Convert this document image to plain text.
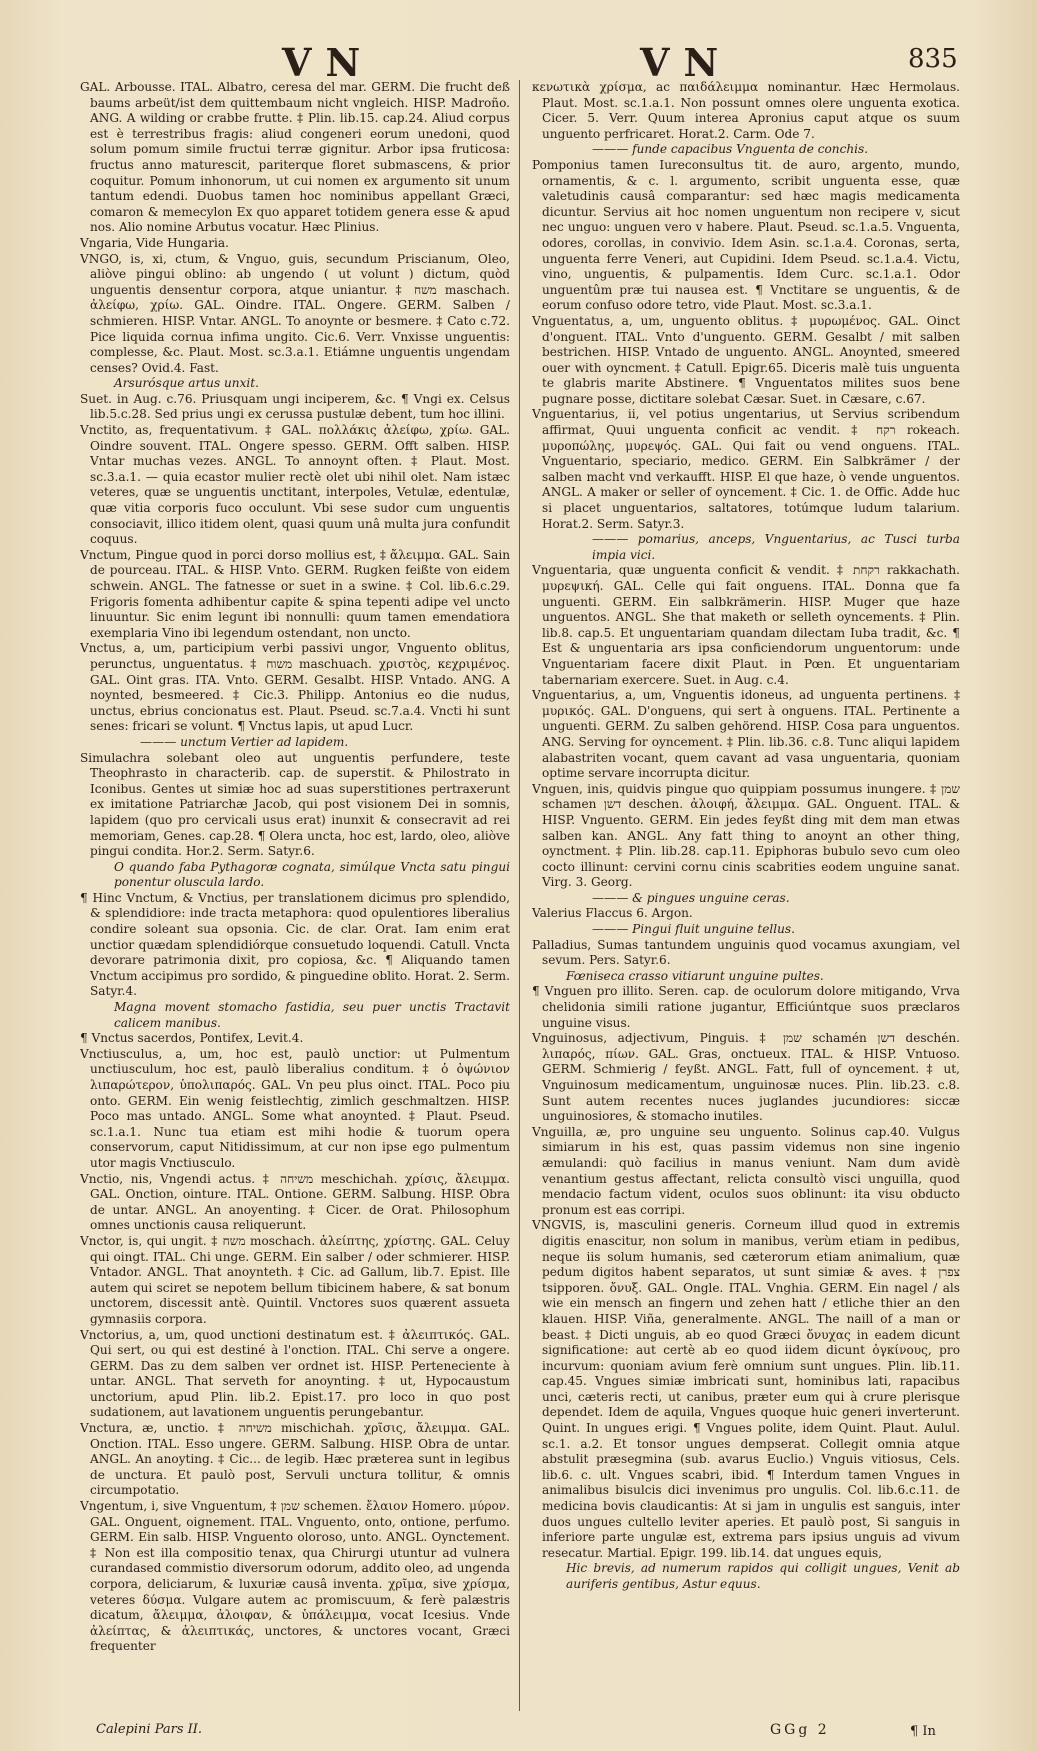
VN	VN	835

GAL. Arbousse. ITAL. Albatro, ceresa del mar. GERM. Die frucht deß baums arbeüt/ist dem quittembaum nicht vngleich. HISP. Madroño. ANG. A wilding or crabbe frutte. ‡ Plin. lib.15. cap.24. Aliud corpus est è terrestribus fragis: aliud congeneri eorum unedoni, quod solum pomum simile fructui terræ gignitur. Arbor ipsa fruticosa: fructus anno maturescit, pariterque floret submascens, & prior coquitur. Pomum inhonorum, ut cui nomen ex argumento sit unum tantum edendi. Duobus tamen hoc nominibus appellant Græci, comaron & memecylon Ex quo apparet totidem genera esse & apud nos. Alio nomine Arbutus vocatur. Hæc Plinius.

Vngaria, Vide Hungaria.

VNGO, is, xi, ctum, & Vnguo, guis, secundum Priscianum, Oleo, aliòve pingui oblino: ab ungendo ( ut volunt ) dictum, quòd unguentis densentur corpora, atque uniantur. ‡ משח maschach. ἀλείφω, χρίω. GAL. Oindre. ITAL. Ongere. GERM. Salben / schmieren. HISP. Vntar. ANGL. To anoynte or besmere. ‡ Cato c.72. Pice liquida cornua infima ungito. Cic.6. Verr. Vnxisse unguentis: complesse, &c. Plaut. Most. sc.3.a.1. Etiámne unguentis ungendam censes? Ovid.4. Fast.

Arsurósque artus unxit.

Suet. in Aug. c.76. Priusquam ungi inciperem, &c. ¶ Vngi ex. Celsus lib.5.c.28. Sed prius ungi ex cerussa pustulæ debent, tum hoc illini.

Vnctito, as, frequentativum. ‡ GAL. πολλάκις ἀλείφω, χρίω. GAL. Oindre souvent. ITAL. Ongere spesso. GERM. Offt salben. HISP. Vntar muchas vezes. ANGL. To annoynt often. ‡ Plaut. Most. sc.3.a.1. — quia ecastor mulier rectè olet ubi nihil olet. Nam istæc veteres, quæ se unguentis unctitant, interpoles, Vetulæ, edentulæ, quæ vitia corporis fuco occulunt. Vbi sese sudor cum unguentis consociavit, illico itidem olent, quasi quum unâ multa jura confundit coquus.

Vnctum, Pingue quod in porci dorso mollius est, ‡ ἄλειμμα. GAL. Sain de pourceau. ITAL. & HISP. Vnto. GERM. Rugken feißte von eidem schwein. ANGL. The fatnesse or suet in a swine. ‡ Col. lib.6.c.29. Frigoris fomenta adhibentur capite & spina tepenti adipe vel uncto linuuntur. Sic enim legunt ibi nonnulli: quum tamen emendatiora exemplaria Vino ibi legendum ostendant, non uncto.

Vnctus, a, um, participium verbi passivi ungor, Vnguento oblitus, perunctus, unguentatus. ‡ משוח maschuach. χριστὸς, κεχριμένος. GAL. Oint gras. ITA. Vnto. GERM. Gesalbt. HISP. Vntado. ANG. A noynted, besmeered. ‡ Cic.3. Philipp. Antonius eo die nudus, unctus, ebrius concionatus est. Plaut. Pseud. sc.7.a.4. Vncti hi sunt senes: fricari se volunt. ¶ Vnctus lapis, ut apud Lucr.

——— unctum Vertier ad lapidem.

Simulachra solebant oleo aut unguentis perfundere, teste Theophrasto in characterib. cap. de superstit. & Philostrato in Iconibus. Gentes ut simiæ hoc ad suas superstitiones pertraxerunt ex imitatione Patriarchæ Jacob, qui post visionem Dei in somnis, lapidem (quo pro cervicali usus erat) inunxit & consecravit ad rei memoriam, Genes. cap.28. ¶ Olera uncta, hoc est, lardo, oleo, aliòve pingui condita. Hor.2. Serm. Satyr.6.

O quando faba Pythagoræ cognata, simúlque Vncta satu pingui ponentur oluscula lardo.

¶ Hinc Vnctum, & Vnctius, per translationem dicimus pro splendido, & splendidiore: inde tracta metaphora: quod opulentiores liberalius condire soleant sua opsonia. Cic. de clar. Orat. Iam enim erat unctior quædam splendidiórque consuetudo loquendi. Catull. Vncta devorare patrimonia dixit, pro copiosa, &c. ¶ Aliquando tamen Vnctum accipimus pro sordido, & pinguedine oblito. Horat. 2. Serm. Satyr.4.

Magna movent stomacho fastidia, seu puer unctis Tractavit calicem manibus.

¶ Vnctus sacerdos, Pontifex, Levit.4.

Vnctiusculus, a, um, hoc est, paulò unctior: ut Pulmentum unctiusculum, hoc est, paulò liberalius conditum. ‡ ὁ ὀψώνιον λιπαρώτερον, ὑπολιπαρός. GAL. Vn peu plus oinct. ITAL. Poco piu onto. GERM. Ein wenig feistlechtig, zimlich geschmaltzen. HISP. Poco mas untado. ANGL. Some what anoynted. ‡ Plaut. Pseud. sc.1.a.1. Nunc tua etiam est mihi hodie & tuorum opera conservorum, caput Nitidissimum, at cur non ipse ego pulmentum utor magis Vnctiusculo.

Vnctio, nis, Vngendi actus. ‡ משיחה meschichah. χρίσις, ἄλειμμα. GAL. Onction, ointure. ITAL. Ontione. GERM. Salbung. HISP. Obra de untar. ANGL. An anoyenting. ‡ Cicer. de Orat. Philosophum omnes unctionis causa reliquerunt.

Vnctor, is, qui ungit. ‡ משח moschach. ἀλείπτης, χρίστης. GAL. Celuy qui oingt. ITAL. Chi unge. GERM. Ein salber / oder schmierer. HISP. Vntador. ANGL. That anoynteth. ‡ Cic. ad Gallum, lib.7. Epist. Ille autem qui sciret se nepotem bellum tibicinem habere, & sat bonum unctorem, discessit antè. Quintil. Vnctores suos quærent assueta gymnasiis corpora.

Vnctorius, a, um, quod unctioni destinatum est. ‡ ἀλειπτικός. GAL. Qui sert, ou qui est destiné à l'onction. ITAL. Chi serve a ongere. GERM. Das zu dem salben ver ordnet ist. HISP. Perteneciente à untar. ANGL. That serveth for anoynting. ‡ ut, Hypocaustum unctorium, apud Plin. lib.2. Epist.17. pro loco in quo post sudationem, aut lavationem unguentis perungebantur.

Vnctura, æ, unctio. ‡ משיחה mischichah. χρῖσις, ἄλειμμα. GAL. Onction. ITAL. Esso ungere. GERM. Salbung. HISP. Obra de untar. ANGL. An anoyting. ‡ Cic... de legib. Hæc præterea sunt in legibus de unctura. Et paulò post, Servuli unctura tollitur, & omnis circumpotatio.

Vngentum, i, sive Vnguentum, ‡ שמן schemen. ἔλαιον Homero. μύρον. GAL. Onguent, oignement. ITAL. Vnguento, onto, ontione, perfumo. GERM. Ein salb. HISP. Vnguento oloroso, unto. ANGL. Oynctement. ‡ Non est illa compositio tenax, qua Chirurgi utuntur ad vulnera curandased commistio diversorum odorum, addito oleo, ad ungenda corpora, deliciarum, & luxuriæ causâ inventa. χρῖμα, sive χρίσμα, veteres δύσμα. Vulgare autem ac promiscuum, & ferè palæstris dicatum, ἄλειμμα, ἀλοιφαν, & ὑπάλειμμα, vocat Icesius. Vnde ἀλείπτας, & ἀλειπτικάς, unctores, & unctores vocant, Græci frequenter

κενωτικὰ χρίσμα, ac παιδάλειμμα nominantur. Hæc Hermolaus. Plaut. Most. sc.1.a.1. Non possunt omnes olere unguenta exotica. Cicer. 5. Verr. Quum interea Apronius caput atque os suum unguento perfricaret. Horat.2. Carm. Ode 7.

——— funde capacibus Vnguenta de conchis.

Pomponius tamen Iureconsultus tit. de auro, argento, mundo, ornamentis, & c. l. argumento, scribit unguenta esse, quæ valetudinis causâ comparantur: sed hæc magis medicamenta dicuntur. Servius ait hoc nomen unguentum non recipere v, sicut nec unguo: unguen vero v habere. Plaut. Pseud. sc.1.a.5. Vnguenta, odores, corollas, in convivio. Idem Asin. sc.1.a.4. Coronas, serta, unguenta ferre Veneri, aut Cupidini. Idem Pseud. sc.1.a.4. Victu, vino, unguentis, & pulpamentis. Idem Curc. sc.1.a.1. Odor unguentûm præ tui nausea est. ¶ Vnctitare se unguentis, & de eorum confuso odore tetro, vide Plaut. Most. sc.3.a.1.

Vnguentatus, a, um, unguento oblitus. ‡ μυρωμένος. GAL. Oinct d'onguent. ITAL. Vnto d'unguento. GERM. Gesalbt / mit salben bestrichen. HISP. Vntado de unguento. ANGL. Anoynted, smeered ouer with oyncment. ‡ Catull. Epigr.65. Diceris malè tuis unguenta te glabris marite Abstinere. ¶ Vnguentatos milites suos bene pugnare posse, dictitare solebat Cæsar. Suet. in Cæsare, c.67.

Vnguentarius, ii, vel potius ungentarius, ut Servius scribendum affirmat, Quui unguenta conficit ac vendit. ‡ רקח rokeach. μυροπώλης, μυρεψός. GAL. Qui fait ou vend onguens. ITAL. Vnguentario, speciario, medico. GERM. Ein Salbkrämer / der salben macht vnd verkaufft. HISP. El que haze, ò vende unguentos. ANGL. A maker or seller of oyncement. ‡ Cic. 1. de Offic. Adde huc si placet unguentarios, saltatores, totúmque ludum talarium. Horat.2. Serm. Satyr.3.

——— pomarius, anceps, Vnguentarius, ac Tusci turba impia vici.

Vnguentaria, quæ unguenta conficit & vendit. ‡ רקחת rakkachath. μυρεψική. GAL. Celle qui fait onguens. ITAL. Donna que fa unguenti. GERM. Ein salbkrämerin. HISP. Muger que haze unguentos. ANGL. She that maketh or selleth oyncements. ‡ Plin. lib.8. cap.5. Et unguentariam quandam dilectam Iuba tradit, &c. ¶ Est & unguentaria ars ipsa conficiendorum unguentorum: unde Vnguentariam facere dixit Plaut. in Pœn. Et unguentariam tabernariam exercere. Suet. in Aug. c.4.

Vnguentarius, a, um, Vnguentis idoneus, ad unguenta pertinens. ‡ μυρικός. GAL. D'onguens, qui sert à onguens. ITAL. Pertinente a unguenti. GERM. Zu salben gehörend. HISP. Cosa para unguentos. ANG. Serving for oyncement. ‡ Plin. lib.36. c.8. Tunc aliqui lapidem alabastriten vocant, quem cavant ad vasa unguentaria, quoniam optime servare incorrupta dicitur.

Vnguen, inis, quidvis pingue quo quippiam possumus inungere. ‡ שמן schamen דשן deschen. ἀλοιφή, ἄλειμμα. GAL. Onguent. ITAL. & HISP. Vnguento. GERM. Ein jedes feyßt ding mit dem man etwas salben kan. ANGL. Any fatt thing to anoynt an other thing, oynctment. ‡ Plin. lib.28. cap.11. Epiphoras bubulo sevo cum oleo cocto illinunt: cervini cornu cinis scabrities eodem unguine sanat. Virg. 3. Georg.

——— & pingues unguine ceras.

Valerius Flaccus 6. Argon.

——— Pingui fluit unguine tellus.

Palladius, Sumas tantundem unguinis quod vocamus axungiam, vel sevum. Pers. Satyr.6.

Fœniseca crasso vitiarunt unguine pultes.

¶ Vnguen pro illito. Seren. cap. de oculorum dolore mitigando, Vrva chelidonia simili ratione jugantur, Efficiúntque suos præclaros unguine visus.

Vnguinosus, adjectivum, Pinguis. ‡ שמן schamén דשן deschén. λιπαρός, πίων. GAL. Gras, onctueux. ITAL. & HISP. Vntuoso. GERM. Schmierig / feyßt. ANGL. Fatt, full of oyncement. ‡ ut, Vnguinosum medicamentum, unguinosæ nuces. Plin. lib.23. c.8. Sunt autem recentes nuces juglandes jucundiores: siccæ unguinosiores, & stomacho inutiles.

Vnguilla, æ, pro unguine seu unguento. Solinus cap.40. Vulgus simiarum in his est, quas passim videmus non sine ingenio æmulandi: quò facilius in manus veniunt. Nam dum avidè venantium gestus affectant, relicta consultò visci unguilla, quod mendacio factum vident, oculos suos oblinunt: ita visu obducto pronum est eas corripi.

VNGVIS, is, masculini generis. Corneum illud quod in extremis digitis enascitur, non solum in manibus, verùm etiam in pedibus, neque iis solum humanis, sed cæterorum etiam animalium, quæ pedum digitos habent separatos, ut sunt simiæ & aves. ‡ צפרן tsipporen. ὄνυξ. GAL. Ongle. ITAL. Vnghia. GERM. Ein nagel / als wie ein mensch an fingern und zehen hatt / etliche thier an den klauen. HISP. Viña, generalmente. ANGL. The naill of a man or beast. ‡ Dicti unguis, ab eo quod Græci ὄνυχας in eadem dicunt significatione: aut certè ab eo quod iidem dicunt ὀγκίνους, pro incurvum: quoniam avium ferè omnium sunt ungues. Plin. lib.11. cap.45. Vngues simiæ imbricati sunt, hominibus lati, rapacibus unci, cæteris recti, ut canibus, præter eum qui à crure plerisque dependet. Idem de aquila, Vngues quoque huic generi inverterunt. Quint. In ungues erigi. ¶ Vngues polite, idem Quint. Plaut. Aulul. sc.1. a.2. Et tonsor ungues dempserat. Collegit omnia atque abstulit præsegmina (sub. avarus Euclio.) Vnguis vitiosus, Cels. lib.6. c. ult. Vngues scabri, ibid. ¶ Interdum tamen Vngues in animalibus bisulcis dici invenimus pro ungulis. Col. lib.6.c.11. de medicina bovis claudicantis: At si jam in ungulis est sanguis, inter duos ungues cultello leviter aperies. Et paulò post, Si sanguis in inferiore parte ungulæ est, extrema pars ipsius unguis ad vivum resecatur. Martial. Epigr. 199. lib.14. dat ungues equis,

Hic brevis, ad numerum rapidos qui colligit ungues, Venit ab auriferis gentibus, Astur equus.

Calepini Pars II.	GGg 2	¶ In
